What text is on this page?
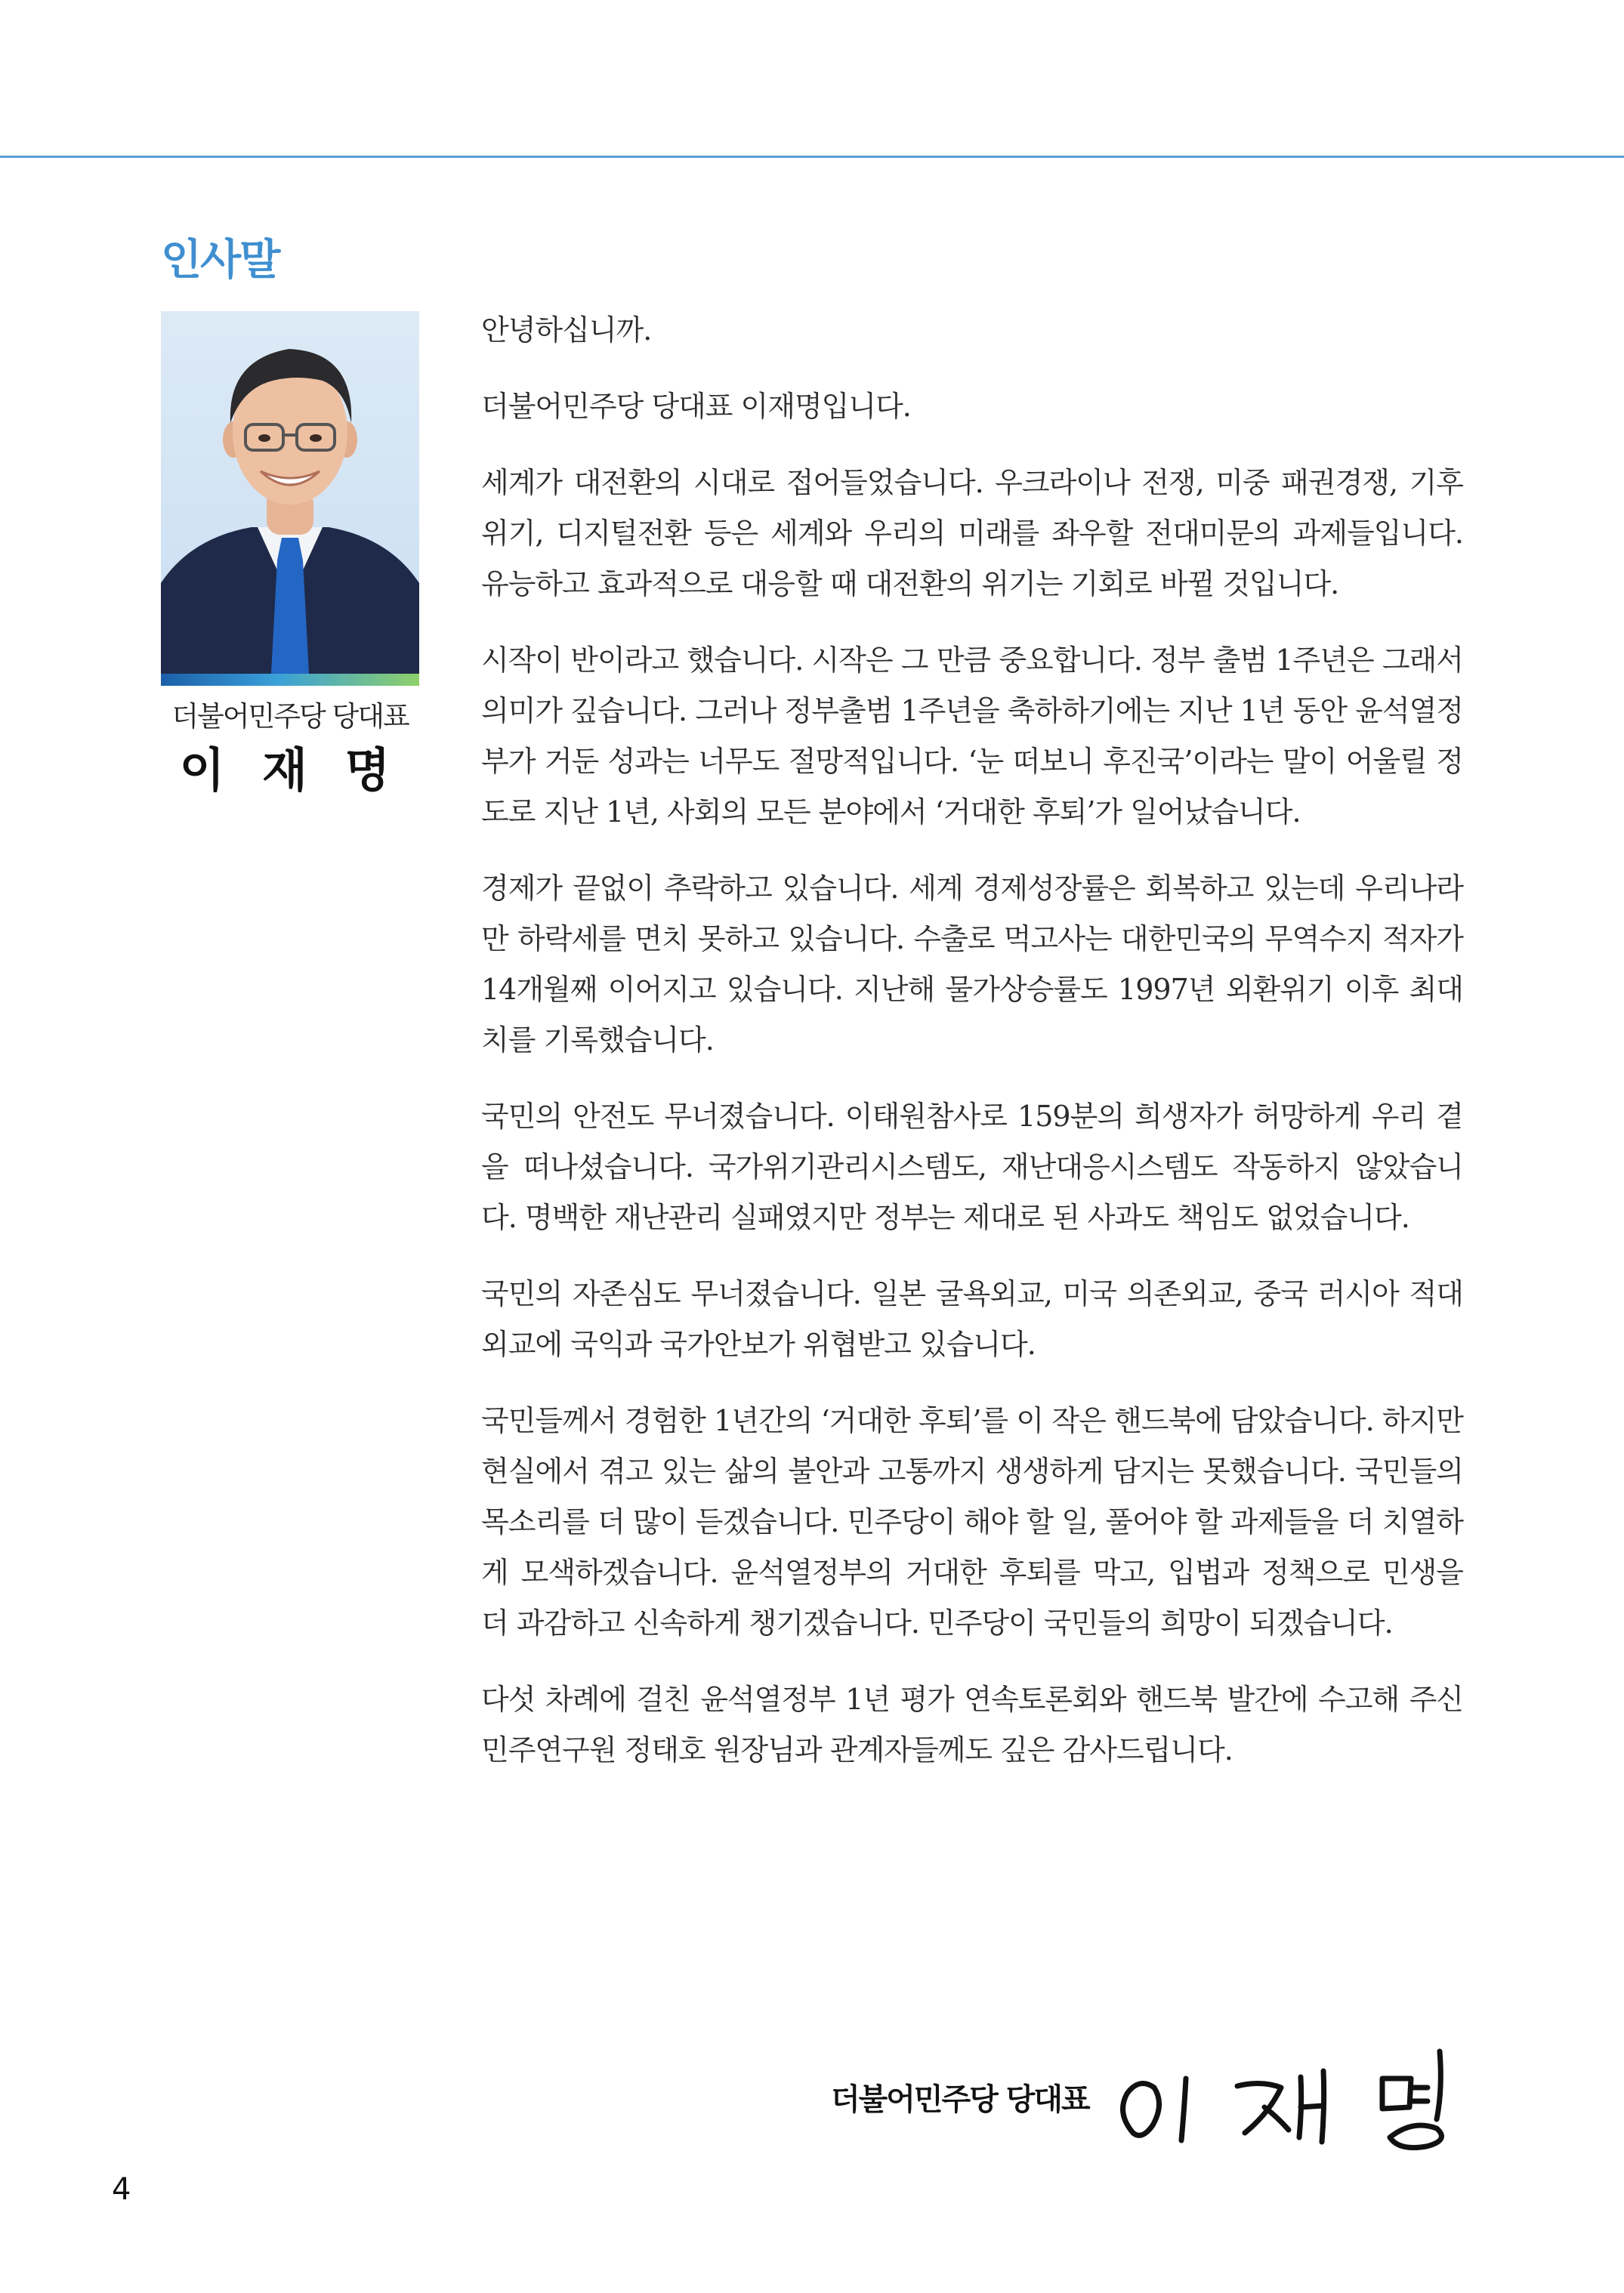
인사말
더불어민주당 당대표
이 재 명

안녕하십니까.

더불어민주당 당대표 이재명입니다.

세계가 대전환의 시대로 접어들었습니다. 우크라이나 전쟁, 미중 패권경쟁, 기후위기, 디지털전환 등은 세계와 우리의 미래를 좌우할 전대미문의 과제들입니다. 유능하고 효과적으로 대응할 때 대전환의 위기는 기회로 바뀔 것입니다.

시작이 반이라고 했습니다. 시작은 그 만큼 중요합니다. 정부 출범 1주년은 그래서 의미가 깊습니다. 그러나 정부출범 1주년을 축하하기에는 지난 1년 동안 윤석열정부가 거둔 성과는 너무도 절망적입니다. ‘눈 떠보니 후진국’이라는 말이 어울릴 정도로 지난 1년, 사회의 모든 분야에서 ‘거대한 후퇴’가 일어났습니다.

경제가 끝없이 추락하고 있습니다. 세계 경제성장률은 회복하고 있는데 우리나라만 하락세를 면치 못하고 있습니다. 수출로 먹고사는 대한민국의 무역수지 적자가 14개월째 이어지고 있습니다. 지난해 물가상승률도 1997년 외환위기 이후 최대치를 기록했습니다.

국민의 안전도 무너졌습니다. 이태원참사로 159분의 희생자가 허망하게 우리 곁을 떠나셨습니다. 국가위기관리시스템도, 재난대응시스템도 작동하지 않았습니다. 명백한 재난관리 실패였지만 정부는 제대로 된 사과도 책임도 없었습니다.

국민의 자존심도 무너졌습니다. 일본 굴욕외교, 미국 의존외교, 중국 러시아 적대외교에 국익과 국가안보가 위협받고 있습니다.

국민들께서 경험한 1년간의 ‘거대한 후퇴’를 이 작은 핸드북에 담았습니다. 하지만 현실에서 겪고 있는 삶의 불안과 고통까지 생생하게 담지는 못했습니다. 국민들의 목소리를 더 많이 듣겠습니다. 민주당이 해야 할 일, 풀어야 할 과제들을 더 치열하게 모색하겠습니다. 윤석열정부의 거대한 후퇴를 막고, 입법과 정책으로 민생을 더 과감하고 신속하게 챙기겠습니다. 민주당이 국민들의 희망이 되겠습니다.

다섯 차례에 걸친 윤석열정부 1년 평가 연속토론회와 핸드북 발간에 수고해 주신 민주연구원 정태호 원장님과 관계자들께도 깊은 감사드립니다.

더불어민주당 당대표
4
